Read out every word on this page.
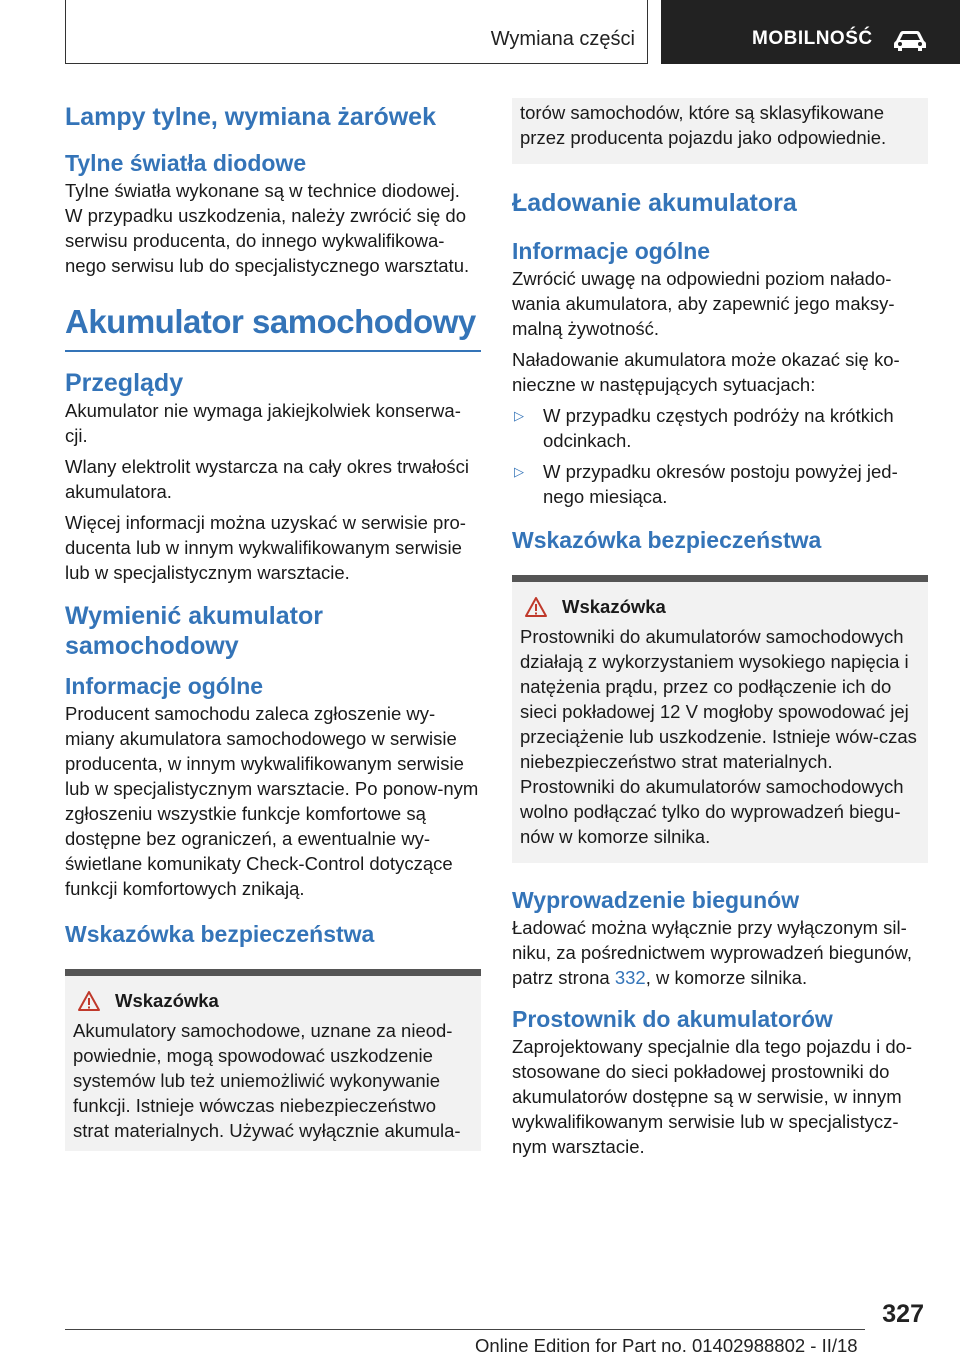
Wymiana części	MOBILNOŚĆ
Lampy tylne, wymiana żarówek
Tylne światła diodowe

Tylne światła wykonane są w technice diodowej. W przypadku uszkodzenia, należy zwrócić się do serwisu producenta, do innego wykwalifikowa-nego serwisu lub do specjalistycznego warsztatu.

Akumulator samochodowy
Przeglądy

Akumulator nie wymaga jakiejkolwiek konserwa-cji.

Wlany elektrolit wystarcza na cały okres trwałości akumulatora.

Więcej informacji można uzyskać w serwisie pro-ducenta lub w innym wykwalifikowanym serwisie lub w specjalistycznym warsztacie.

Wymienić akumulator samochodowy
Informacje ogólne

Producent samochodu zaleca zgłoszenie wy-miany akumulatora samochodowego w serwisie producenta, w innym wykwalifikowanym serwisie lub w specjalistycznym warsztacie. Po ponow-nym zgłoszeniu wszystkie funkcje komfortowe są dostępne bez ograniczeń, a ewentualnie wy-świetlane komunikaty Check-Control dotyczące funkcji komfortowych znikają.

Wskazówka bezpieczeństwa
Wskazówka

Akumulatory samochodowe, uznane za nieod-powiednie, mogą spowodować uszkodzenie systemów lub też uniemożliwić wykonywanie funkcji. Istnieje wówczas niebezpieczeństwo strat materialnych. Używać wyłącznie akumula-

torów samochodów, które są sklasyfikowane przez producenta pojazdu jako odpowiednie.

Ładowanie akumulatora
Informacje ogólne

Zwrócić uwagę na odpowiedni poziom nałado-wania akumulatora, aby zapewnić jego maksy-malną żywotność.

Naładowanie akumulatora może okazać się ko-nieczne w następujących sytuacjach:

▷	W przypadku częstych podróży na krótkich odcinkach.
▷	W przypadku okresów postoju powyżej jed-nego miesiąca.
Wskazówka bezpieczeństwa
Wskazówka

Prostowniki do akumulatorów samochodowych działają z wykorzystaniem wysokiego napięcia i natężenia prądu, przez co podłączenie ich do sieci pokładowej 12 V mogłoby spowodować jej przeciążenie lub uszkodzenie. Istnieje wów-czas niebezpieczeństwo strat materialnych. Prostowniki do akumulatorów samochodowych wolno podłączać tylko do wyprowadzeń biegu-nów w komorze silnika.

Wyprowadzenie biegunów

Ładować można wyłącznie przy wyłączonym sil-niku, za pośrednictwem wyprowadzeń biegunów, patrz strona 332, w komorze silnika.

Prostownik do akumulatorów

Zaprojektowany specjalnie dla tego pojazdu i do-stosowane do sieci pokładowej prostowniki do akumulatorów dostępne są w serwisie, w innym wykwalifikowanym serwisie lub w specjalistycz-nym warsztacie.

327
Online Edition for Part no. 01402988802 - II/18
